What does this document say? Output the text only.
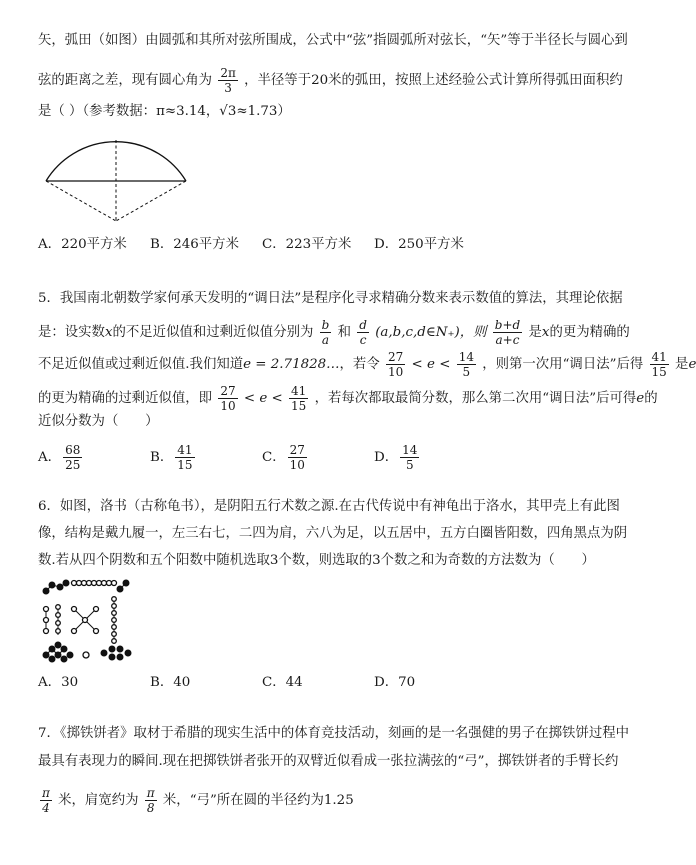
矢，弧田（如图）由圆弧和其所对弦所围成，公式中“弦”指圆弧所对弦长，“矢”等于半径长与圆心到
弦的距离之差，现有圆心角为 $\frac{2\pi}{3}$ ，半径等于20米的弧田，按照上述经验公式计算所得弧田面积约
是（ ）（参考数据：π≈3.14，√3≈1.73）
A．220平方米 B．246平方米 C．223平方米 D．250平方米
5．我国南北朝数学家何承天发明的“调日法”是程序化寻求精确分数来表示数值的算法，其理论依据
是：设实数x的不足近似值和过剩近似值分别为 $\frac{b}{a}$ 和 $\frac{d}{c}$ (a,b,c,d∈N₊)，则 $\frac{b+d}{a+c}$ 是x的更为精确的
不足近似值或过剩近似值.我们知道e = 2.71828…，若令 $\frac{27}{10} < e < \frac{14}{5}$ ，则第一次用“调日法”后得 $\frac{41}{15}$ 是e
的更为精确的过剩近似值，即 $\frac{27}{10} < e < \frac{41}{15}$ ，若每次都取最简分数，那么第二次用“调日法”后可得e的
近似分数为（　　）
A． $\frac{68}{25}$	B． $\frac{41}{15}$	C． $\frac{27}{10}$	D． $\frac{14}{5}$
6．如图，洛书（古称龟书），是阴阳五行术数之源.在古代传说中有神龟出于洛水，其甲壳上有此图
像，结构是戴九履一，左三右七，二四为肩，六八为足，以五居中，五方白圈皆阳数，四角黑点为阴
数.若从四个阴数和五个阳数中随机选取3个数，则选取的3个数之和为奇数的方法数为（　　）
A．30	B．40	C．44	D．70
7．《掷铁饼者》取材于希腊的现实生活中的体育竞技活动，刻画的是一名强健的男子在掷铁饼过程中
最具有表现力的瞬间.现在把掷铁饼者张开的双臂近似看成一张拉满弦的“弓”，掷铁饼者的手臂长约
$\frac{\pi}{4}$ 米，肩宽约为 $\frac{\pi}{8}$ 米，“弓”所在圆的半径约为1.25
